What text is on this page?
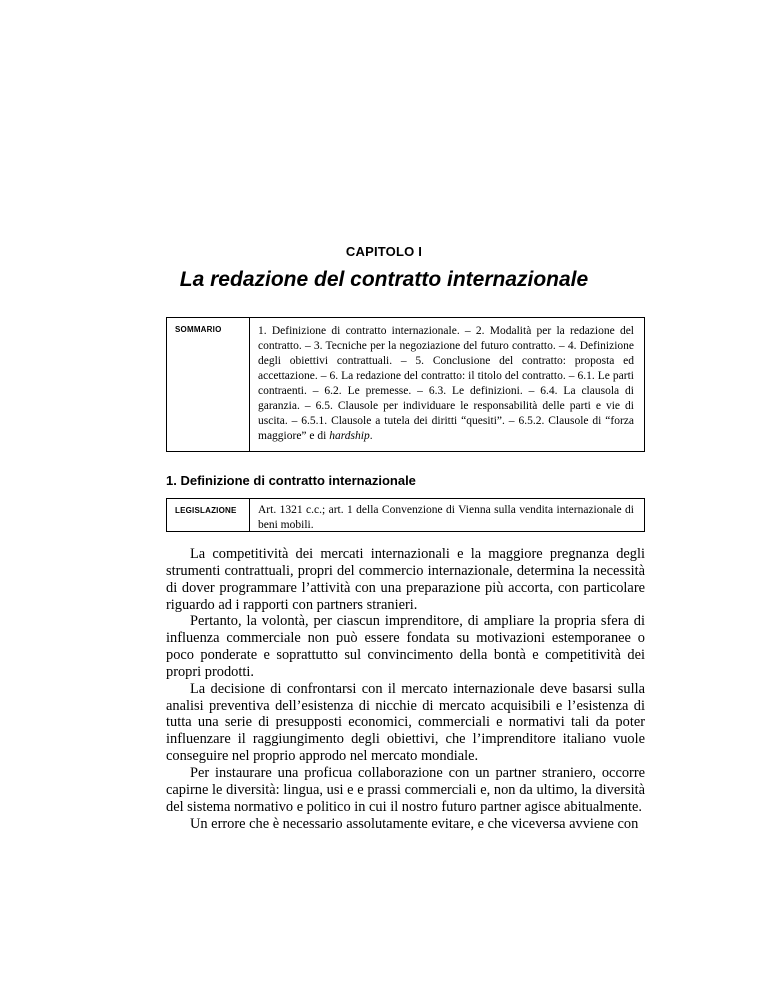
CAPITOLO I
La redazione del contratto internazionale
SOMMARIO	1. Definizione di contratto internazionale. – 2. Modalità per la redazione del contratto. – 3. Tecniche per la negoziazione del futuro contratto. – 4. Definizione degli obiettivi contrattuali. – 5. Conclusione del contratto: proposta ed accettazione. – 6. La redazione del contratto: il titolo del contratto. – 6.1. Le parti contraenti. – 6.2. Le premesse. – 6.3. Le definizioni. – 6.4. La clausola di garanzia. – 6.5. Clausole per individuare le responsabilità delle parti e vie di uscita. – 6.5.1. Clausole a tutela dei diritti “quesiti”. – 6.5.2. Clausole di “forza maggiore” e di hardship.
1. Definizione di contratto internazionale
LEGISLAZIONE	Art. 1321 c.c.; art. 1 della Convenzione di Vienna sulla vendita internazionale di beni mobili.

La competitività dei mercati internazionali e la maggiore pregnanza degli strumenti contrattuali, propri del commercio internazionale, determina la necessità di dover programmare l’attività con una preparazione più accorta, con particolare riguardo ad i rapporti con partners stranieri.

Pertanto, la volontà, per ciascun imprenditore, di ampliare la propria sfera di influenza commerciale non può essere fondata su motivazioni estemporanee o poco ponderate e soprattutto sul convincimento della bontà e competitività dei propri prodotti.

La decisione di confrontarsi con il mercato internazionale deve basarsi sulla analisi preventiva dell’esistenza di nicchie di mercato acquisibili e l’esistenza di tutta una serie di presupposti economici, commerciali e normativi tali da poter influenzare il raggiungimento degli obiettivi, che l’imprenditore italiano vuole conseguire nel proprio approdo nel mercato mondiale.

Per instaurare una proficua collaborazione con un partner straniero, occorre capirne le diversità: lingua, usi e e prassi commerciali e, non da ultimo, la diversità del sistema normativo e politico in cui il nostro futuro partner agisce abitualmente.

Un errore che è necessario assolutamente evitare, e che viceversa avviene con
